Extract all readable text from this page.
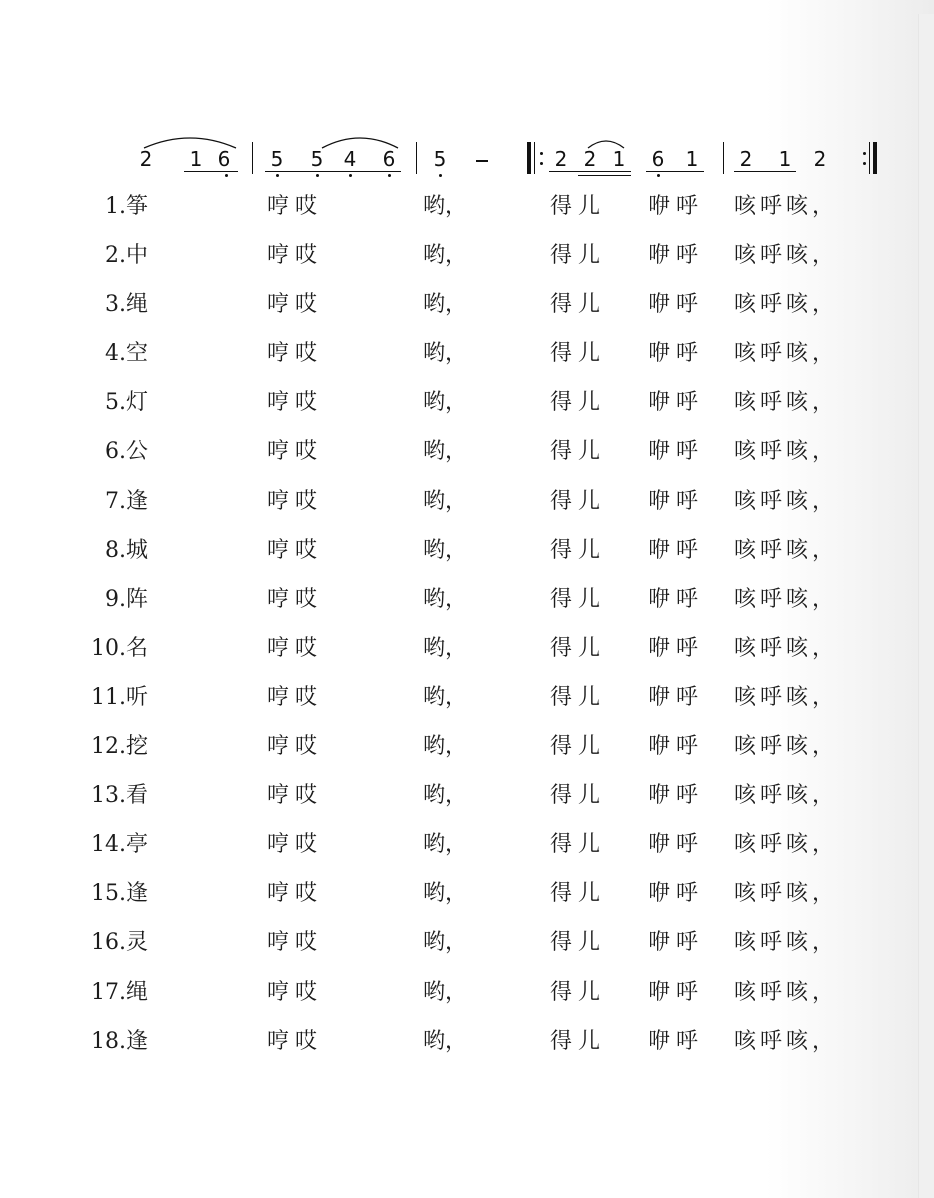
2 1 6 5 5 4 6 5	2 2 1 6 1 2 1 2
1.筝	哼哎	哟，	得儿 咿呼 咳呼咳，
2.中	哼哎	哟，	得儿 咿呼 咳呼咳，
3.绳	哼哎	哟，	得儿 咿呼 咳呼咳，
4.空	哼哎	哟，	得儿 咿呼 咳呼咳，
5.灯	哼哎	哟，	得儿 咿呼 咳呼咳，
6.公	哼哎	哟，	得儿 咿呼 咳呼咳，
7.逢	哼哎	哟，	得儿 咿呼 咳呼咳，
8.城	哼哎	哟，	得儿 咿呼 咳呼咳，
9.阵	哼哎	哟，	得儿 咿呼 咳呼咳，
10.名	哼哎	哟，	得儿 咿呼 咳呼咳，
11.听	哼哎	哟，	得儿 咿呼 咳呼咳，
12.挖	哼哎	哟，	得儿 咿呼 咳呼咳，
13.看	哼哎	哟，	得儿 咿呼 咳呼咳，
14.亭	哼哎	哟，	得儿 咿呼 咳呼咳，
15.逢	哼哎	哟，	得儿 咿呼 咳呼咳，
16.灵	哼哎	哟，	得儿 咿呼 咳呼咳，
17.绳	哼哎	哟，	得儿 咿呼 咳呼咳，
18.逢	哼哎	哟，	得儿 咿呼 咳呼咳，
